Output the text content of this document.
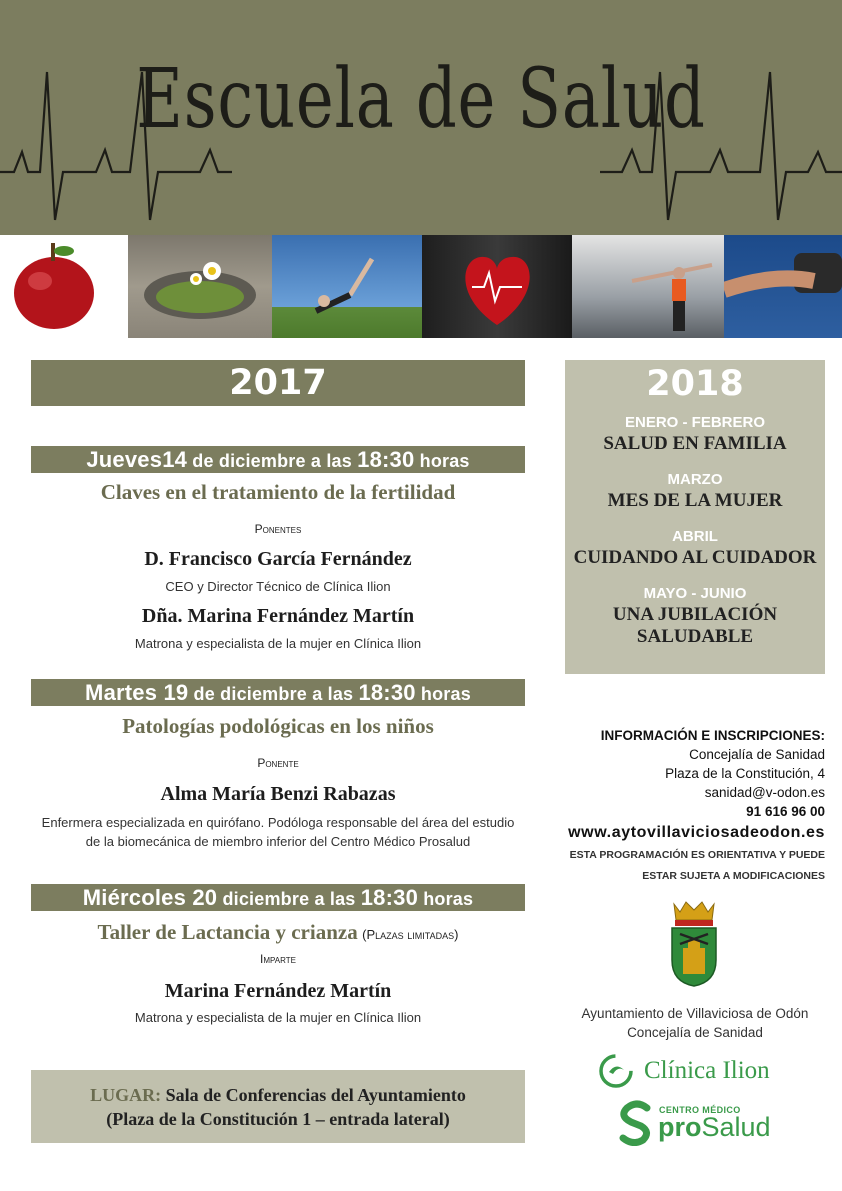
Escuela de Salud
2017
Jueves14 de diciembre a las 18:30 horas
Claves en el tratamiento de la fertilidad
Ponentes
D. Francisco García Fernández
CEO y Director Técnico de Clínica Ilion
Dña. Marina Fernández Martín
Matrona y especialista de la mujer en Clínica Ilion
Martes 19 de diciembre a las 18:30 horas
Patologías podológicas en los niños
Ponente
Alma María Benzi Rabazas
Enfermera especializada en quirófano. Podóloga responsable del área del estudio
de la biomecánica de miembro inferior del Centro Médico Prosalud
Miércoles 20 diciembre a las 18:30 horas
Taller de Lactancia y crianza (Plazas limitadas)
Imparte
Marina Fernández Martín
Matrona y especialista de la mujer en Clínica Ilion
2018
ENERO - FEBRERO
SALUD EN FAMILIA
MARZO
MES DE LA MUJER
ABRIL
CUIDANDO AL CUIDADOR
MAYO - JUNIO
UNA JUBILACIÓN SALUDABLE
INFORMACIÓN E INSCRIPCIONES:
Concejalía de Sanidad
Plaza de la Constitución, 4
sanidad@v-odon.es
91 616 96 00
www.aytovillaviciosadeodon.es
ESTA PROGRAMACIÓN ES ORIENTATIVA Y PUEDE
ESTAR SUJETA A MODIFICACIONES
Ayuntamiento de Villaviciosa de Odón
Concejalía de Sanidad
Clínica Ilion
CENTRO MÉDICO
proSalud
LUGAR: Sala de Conferencias del Ayuntamiento
(Plaza de la Constitución 1 – entrada lateral)
